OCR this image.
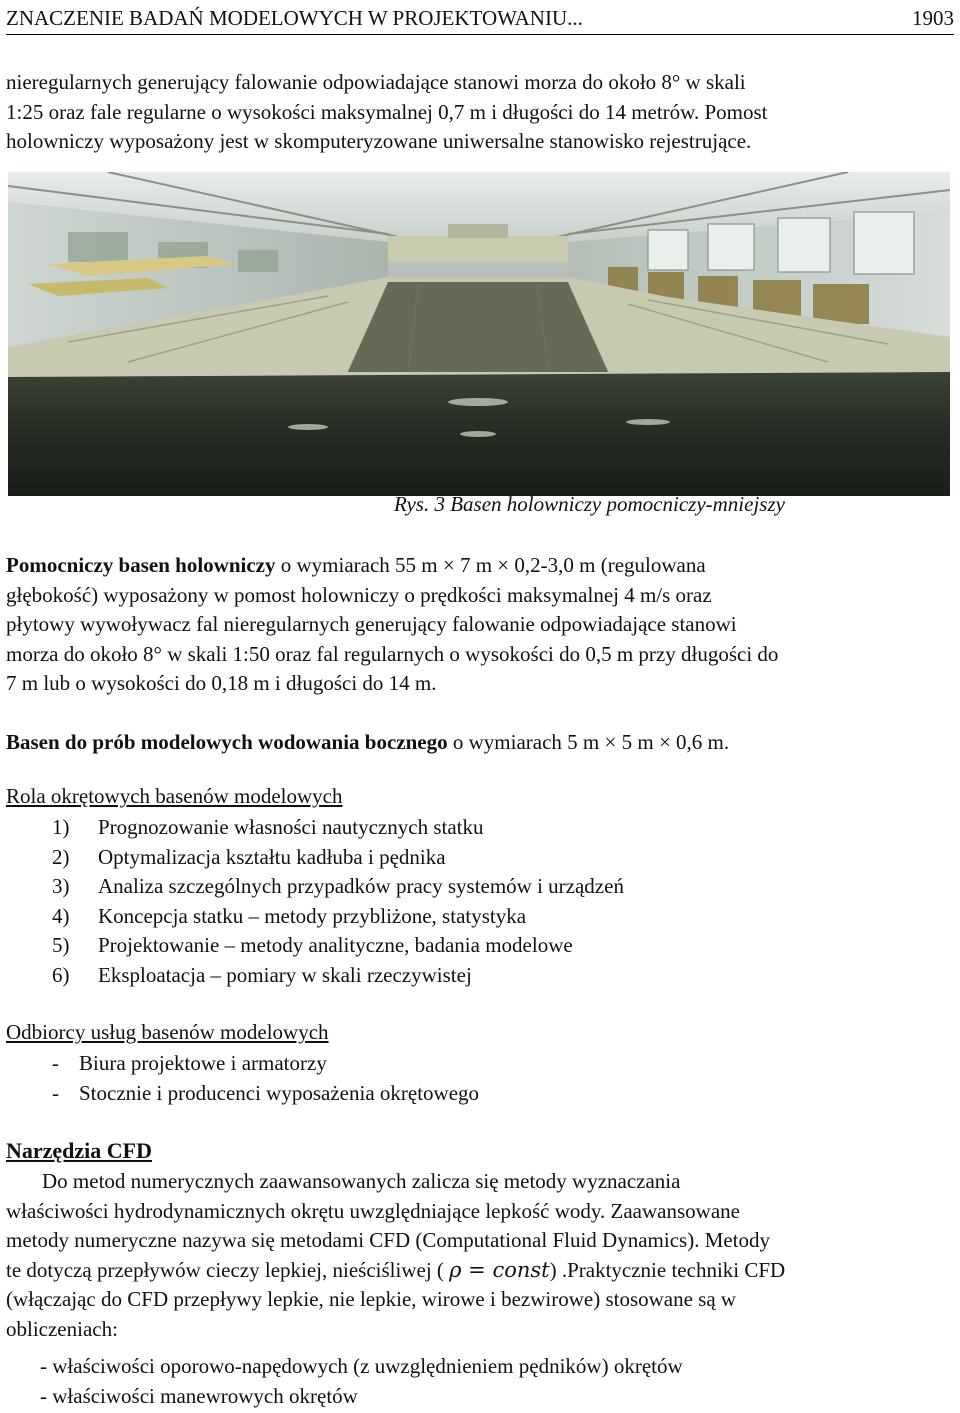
ZNACZENIE BADAŃ MODELOWYCH W PROJEKTOWANIU...	1903
nieregularnych generujący falowanie odpowiadające stanowi morza do około 8° w skali
1:25 oraz fale regularne o wysokości maksymalnej 0,7 m i długości do 14 metrów. Pomost
holowniczy wyposażony jest w skomputeryzowane uniwersalne stanowisko rejestrujące.
Rys. 3 Basen holowniczy pomocniczy-mniejszy
Pomocniczy basen holowniczy o wymiarach 55 m × 7 m × 0,2-3,0 m (regulowana
głębokość) wyposażony w pomost holowniczy o prędkości maksymalnej 4 m/s oraz
płytowy wywoływacz fal nieregularnych generujący falowanie odpowiadające stanowi
morza do około 8° w skali 1:50 oraz fal regularnych o wysokości do 0,5 m przy długości do
7 m lub o wysokości do 0,18 m i długości do 14 m.
Basen do prób modelowych wodowania bocznego o wymiarach 5 m × 5 m × 0,6 m.
Rola okrętowych basenów modelowych
1) Prognozowanie własności nautycznych statku
2) Optymalizacja kształtu kadłuba i pędnika
3) Analiza szczególnych przypadków pracy systemów i urządzeń
4) Koncepcja statku – metody przybliżone, statystyka
5) Projektowanie – metody analityczne, badania modelowe
6) Eksploatacja – pomiary w skali rzeczywistej
Odbiorcy usług basenów modelowych
- Biura projektowe i armatorzy
- Stocznie i producenci wyposażenia okrętowego
Narzędzia CFD
Do metod numerycznych zaawansowanych zalicza się metody wyznaczania
właściwości hydrodynamicznych okrętu uwzględniające lepkość wody. Zaawansowane
metody numeryczne nazywa się metodami CFD (Computational Fluid Dynamics). Metody
te dotyczą przepływów cieczy lepkiej, nieściśliwej ( ρ = const) .Praktycznie techniki CFD
(włączając do CFD przepływy lepkie, nie lepkie, wirowe i bezwirowe) stosowane są w
obliczeniach:
- właściwości oporowo-napędowych (z uwzględnieniem pędników) okrętów
- właściwości manewrowych okrętów
